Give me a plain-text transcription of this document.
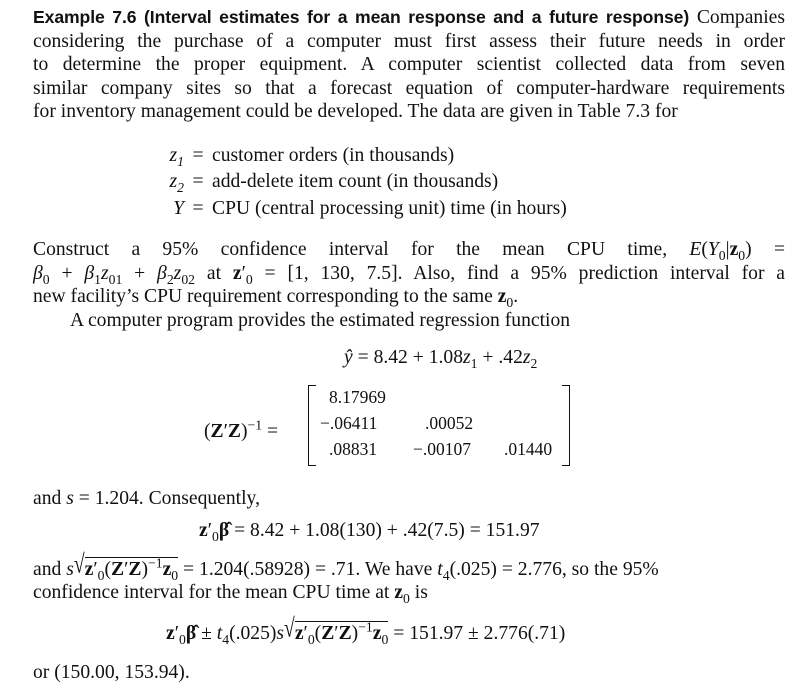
Example 7.6 (Interval estimates for a mean response and a future response) Companies
considering the purchase of a computer must first assess their future needs in order
to determine the proper equipment. A computer scientist collected data from seven
similar company sites so that a forecast equation of computer-hardware requirements
for inventory management could be developed. The data are given in Table 7.3 for
$z_1$ = customer orders (in thousands)
$z_2$ = add-delete item count (in thousands)
Y = CPU (central processing unit) time (in hours)
Construct a 95% confidence interval for the mean CPU time, $E(Y_0|z_0)$ =
$\beta_0 + \beta_1z_{01} + \beta_2z_{02}$ at $z'_0 = [1$, 130, 7.5]. Also, find a 95% prediction interval for a
new facility’s CPU requirement corresponding to the same $z_0$.
A computer program provides the estimated regression function
ŷ = $8.42 + 1.08z_1 + .42z_2$
$(Z'Z)^{-1}$ =
8.17969
−.06411	.00052
.08831 −.00107 .01440
and s = 1.204. Consequently,
$z'_0\betâ = 8.42 + 1.08(130) + .42(7.5) = 151.97$
and $s√z'_0(Z'Z)^{-1}z_0 = 1.204(.58928) = .71$. We have $t_4(.025) = 2.776$, so the 95%
confidence interval for the mean CPU time at $z_0$ is
$z'_0\betâ \pm t_4(.025)s√z'_0(Z'Z)^{-1}z_0 = 151.97 \pm 2.776(.71)$
or (150.00, 153.94).
